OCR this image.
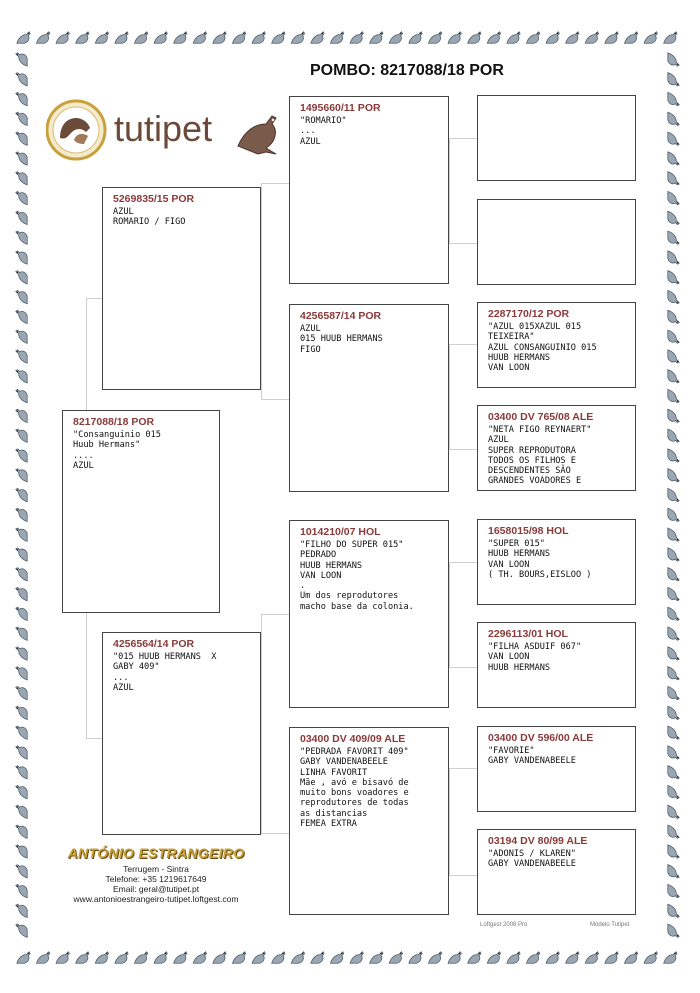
POMBO: 8217088/18 POR
tutipet
8217088/18 POR
"Consanguinio 015
Huub Hermans"
....
AZUL
5269835/15 POR
AZUL
ROMARIO / FIGO
4256564/14 POR
"015 HUUB HERMANS  X
GABY 409"
...
AZUL
1495660/11 POR
"ROMARIO"
...
AZUL
4256587/14 POR
AZUL
015 HUUB HERMANS
FIGO
1014210/07 HOL
"FILHO DO SUPER 015"
PEDRADO
HUUB HERMANS
VAN LOON
.
Um dos reprodutores
macho base da colonia.
03400 DV 409/09 ALE
"PEDRADA FAVORIT 409"
GABY VANDENABEELE
LINHA FAVORIT
Mãe , avó e bisavó de
muito bons voadores e
reprodutores de todas
as distancias
FEMEA EXTRA
2287170/12 POR
"AZUL 015XAZUL 015
TEIXEIRA"
AZUL CONSANGUINIO 015
HUUB HERMANS
VAN LOON
03400 DV 765/08 ALE
"NETA FIGO REYNAERT"
AZUL
SUPER REPRODUTORA
TODOS OS FILHOS E
DESCENDENTES SÃO
GRANDES VOADORES E
1658015/98 HOL
"SUPER 015"
HUUB HERMANS
VAN LOON
( TH. BOURS,EISLOO )
2296113/01 HOL
"FILHA ASDUIF 067"
VAN LOON
HUUB HERMANS
03400 DV 596/00 ALE
"FAVORIE"
GABY VANDENABEELE
03194 DV 80/99 ALE
"ADONIS / KLAREN"
GABY VANDENABEELE
ANTÓNIO ESTRANGEIRO
Terrugem - Sintra
Telefone: +35 1219617649
Email: geral@tutipet.pt
www.antonioestrangeiro-tutipet.loftgest.com
Loftgest 2008 Pro	Modelo Tutipet
